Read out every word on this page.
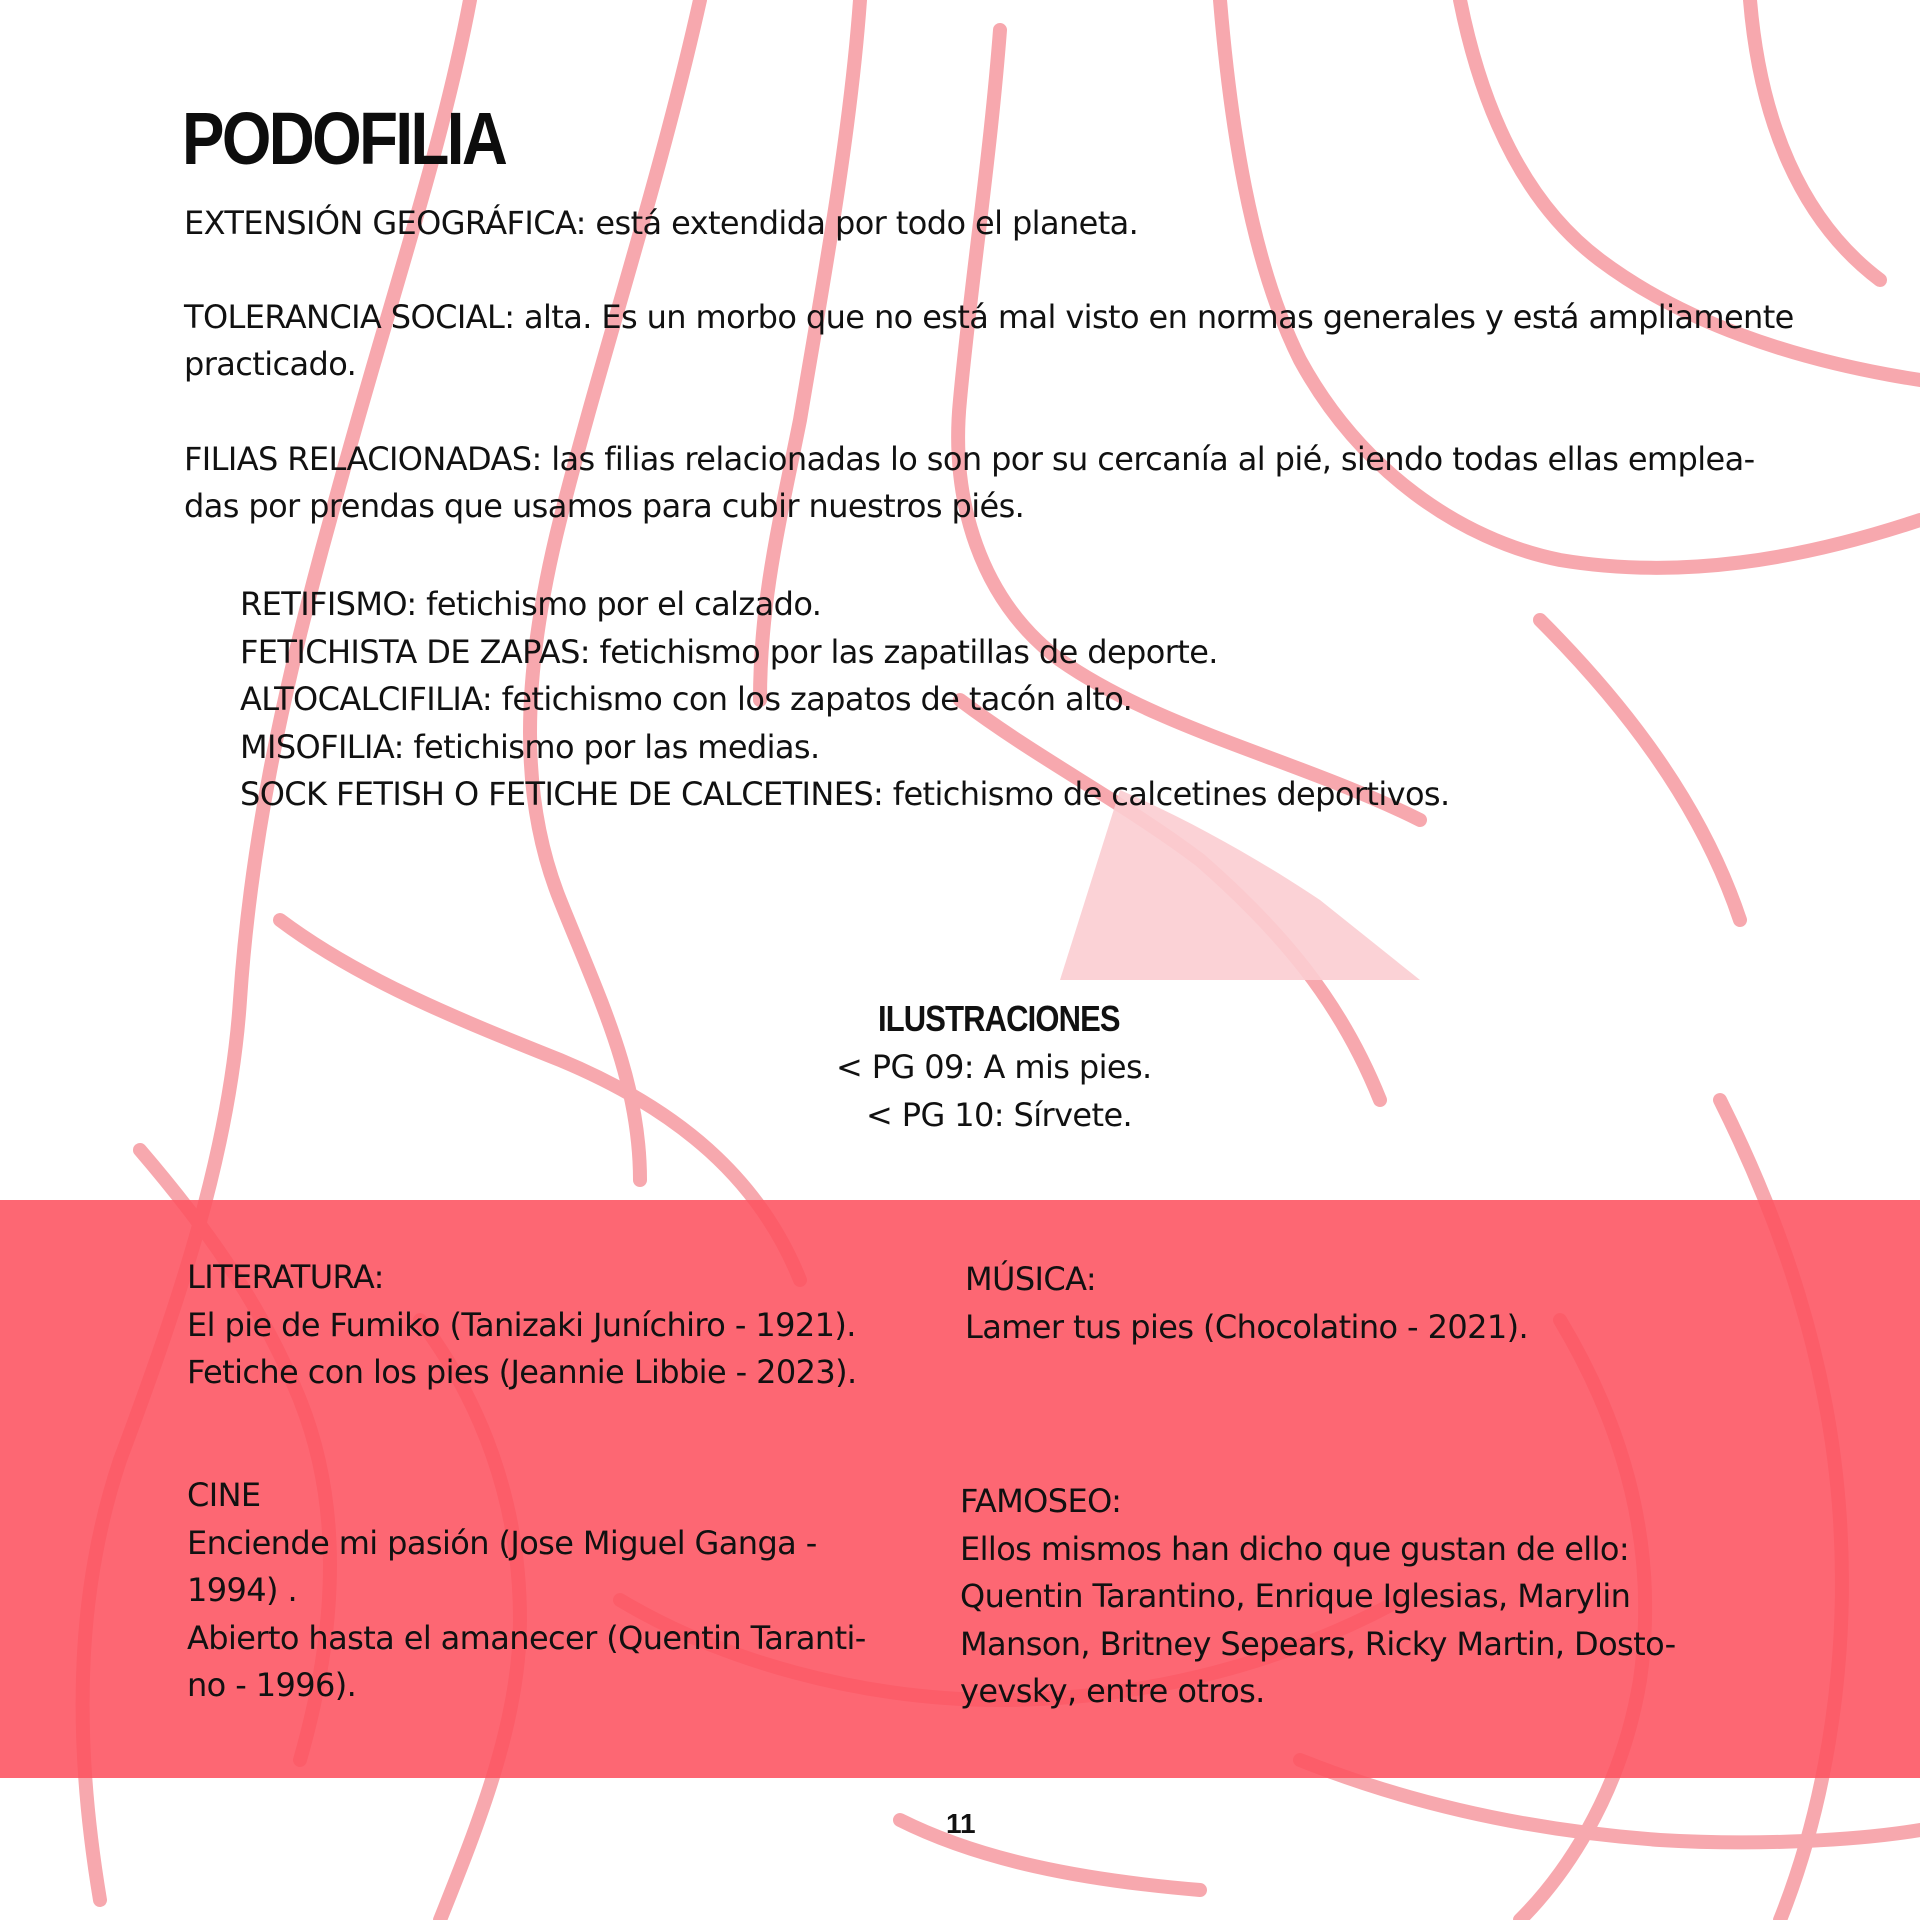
PODOFILIA

EXTENSIÓN GEOGRÁFICA: está extendida por todo el planeta.

TOLERANCIA SOCIAL: alta. Es un morbo que no está mal visto en normas generales y está ampliamente
practicado.
FILIAS RELACIONADAS: las filias relacionadas lo son por su cercanía al pié, siendo todas ellas emplea-
das por prendas que usamos para cubir nuestros piés.
RETIFISMO: fetichismo por el calzado.
FETICHISTA DE ZAPAS: fetichismo por las zapatillas de deporte.
ALTOCALCIFILIA: fetichismo con los zapatos de tacón alto.
MISOFILIA: fetichismo por las medias.
SOCK FETISH O FETICHE DE CALCETINES: fetichismo de calcetines deportivos.
ILUSTRACIONES
< PG 09: A mis pies.
< PG 10: Sírvete.
LITERATURA:
El pie de Fumiko (Tanizaki Juníchiro - 1921).
Fetiche con los pies (Jeannie Libbie - 2023).
MÚSICA:
Lamer tus pies (Chocolatino - 2021).
CINE
Enciende mi pasión (Jose Miguel Ganga -
1994) .
Abierto hasta el amanecer (Quentin Taranti-
no - 1996).
FAMOSEO:
Ellos mismos han dicho que gustan de ello:
Quentin Tarantino, Enrique Iglesias, Marylin
Manson, Britney Sepears, Ricky Martin, Dosto-
yevsky, entre otros.
11
